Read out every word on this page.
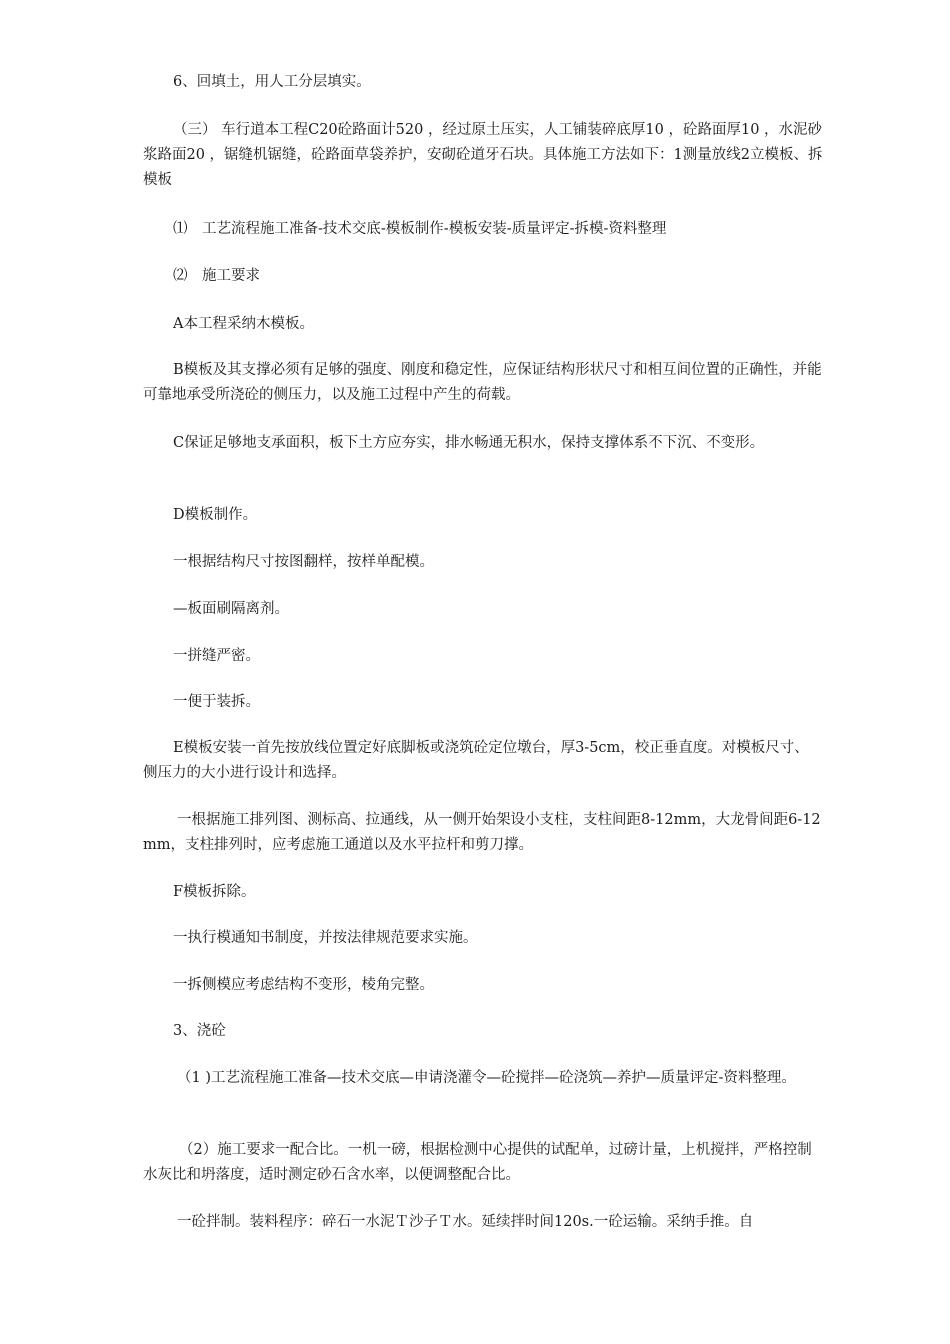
6、回填土，用人工分层填实。

（三） 车行道本工程C20砼路面计520 ，经过原土压实，人工铺装碎底厚10 ，砼路面厚10 ，水泥砂浆路面20 ，锯缝机锯缝，砼路面草袋养护，安砌砼道牙石块。具体施工方法如下：1测量放线2立模板、拆模板

⑴　工艺流程施工准备-技术交底-模板制作-模板安装-质量评定-拆模-资料整理

⑵　施工要求

A本工程采纳木模板。

B模板及其支撑必须有足够的强度、刚度和稳定性，应保证结构形状尺寸和相互间位置的正确性，并能可靠地承受所浇砼的侧压力，以及施工过程中产生的荷载。

C保证足够地支承面积，板下土方应夯实，排水畅通无积水，保持支撑体系不下沉、不变形。

D模板制作。

一根据结构尺寸按图翻样，按样单配模。

—板面刷隔离剂。

一拼缝严密。

一便于装拆。

E模板安装一首先按放线位置定好底脚板或浇筑砼定位墩台，厚3-5cm，校正垂直度。对模板尺寸、侧压力的大小进行设计和选择。

一根据施工排列图、测标高、拉通线，从一侧开始架设小支柱，支柱间距8-12mm，大龙骨间距6-12mm，支柱排列时，应考虑施工通道以及水平拉杆和剪刀撑。

F模板拆除。

一执行模通知书制度，并按法律规范要求实施。

一拆侧模应考虑结构不变形，棱角完整。

3、浇砼

（1 )工艺流程施工准备—技术交底—申请浇灌令—砼搅拌—砼浇筑—养护—质量评定-资料整理。

（2）施工要求一配合比。一机一磅，根据检测中心提供的试配单，过磅计量，上机搅拌，严格控制水灰比和坍落度，适时测定砂石含水率，以便调整配合比。

一砼拌制。装料程序：碎石一水泥Ｔ沙子Ｔ水。延续拌时间120s.一砼运输。采纳手推。自
